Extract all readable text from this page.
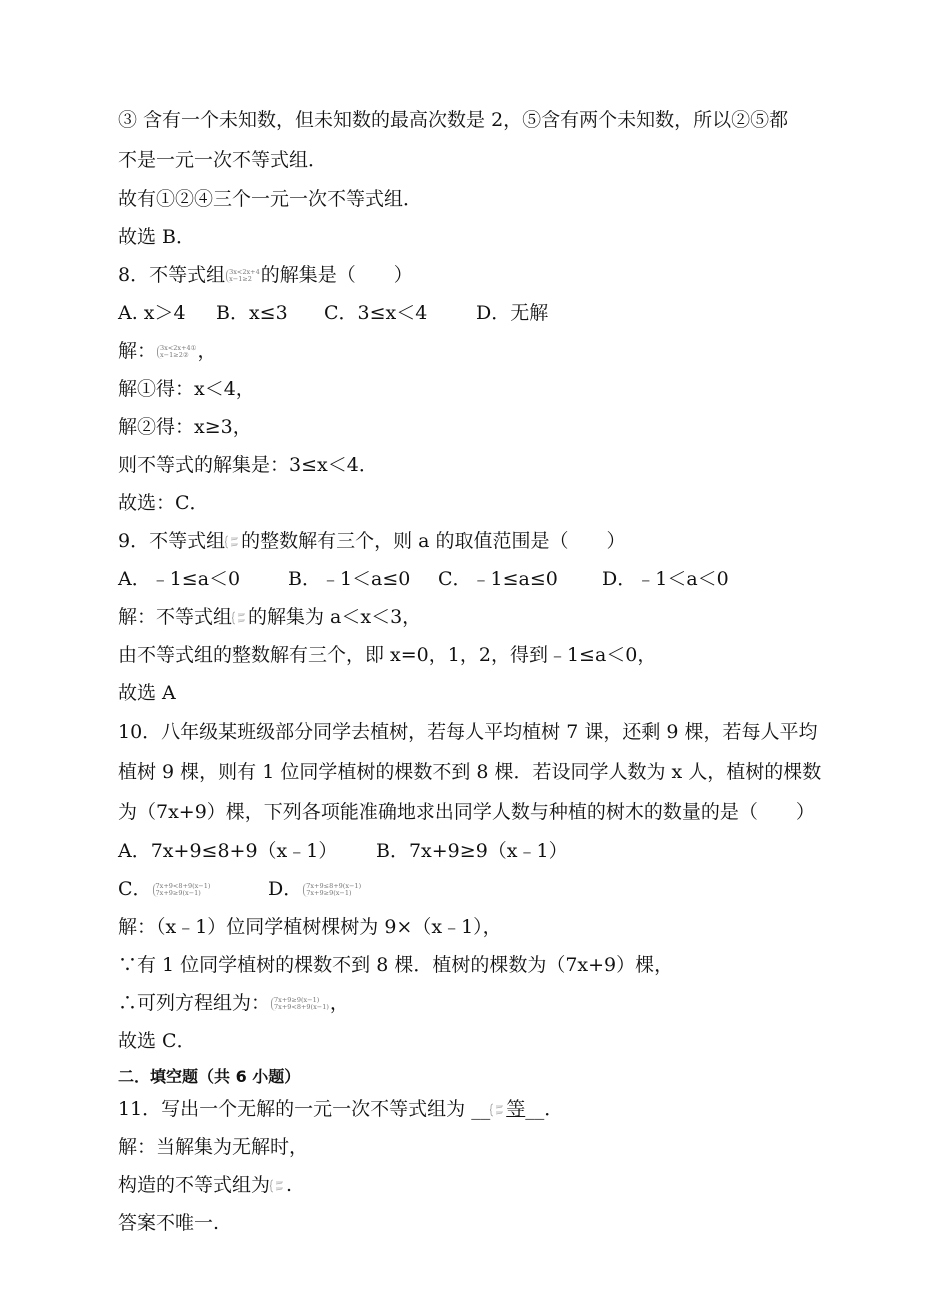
③ 含有一个未知数，但未知数的最高次数是 2，⑤含有两个未知数，所以②⑤都
不是一元一次不等式组．
故有①②④三个一元一次不等式组．
故选 B．
8．不等式组 3x<2x+4
x−1≥2 的解集是（　　）
A. x＞4 B．x≤3 C．3≤x＜4	D．无解
解： 3x<2x+4①
x−1≥2② ，
解①得：x＜4，
解②得：x≥3，
则不等式的解集是：3≤x＜4．
故选：C．
9．不等式组 的整数解有三个，则 a 的取值范围是（　　）
A．﹣1≤a＜0	B．﹣1＜a≤0 C．﹣1≤a≤0 D．﹣1＜a＜0
解：不等式组 的解集为 a＜x＜3，
由不等式组的整数解有三个，即 x=0，1，2，得到﹣1≤a＜0，
故选 A
10．八年级某班级部分同学去植树，若每人平均植树 7 课，还剩 9 棵，若每人平均
植树 9 棵，则有 1 位同学植树的棵数不到 8 棵．若设同学人数为 x 人，植树的棵数
为（7x+9）棵，下列各项能准确地求出同学人数与种植的树木的数量的是（　　）
A．7x+9≤8+9（x﹣1） B．7x+9≥9（x﹣1）
C． 7x+9<8+9(x−1)
7x+9≥9(x−1)	D． 7x+9≤8+9(x−1)
7x+9≥9(x−1)
解：（x﹣1）位同学植树棵树为 9×（x﹣1），
∵有 1 位同学植树的棵数不到 8 棵．植树的棵数为（7x+9）棵，
∴可列方程组为： 7x+9≥9(x−1)
7x+9<8+9(x−1) ，
故选 C．
二．填空题（共 6 小题）
11．写出一个无解的一元一次不等式组为 __ 等__．
解：当解集为无解时，
构造的不等式组为 .
答案不唯一.
